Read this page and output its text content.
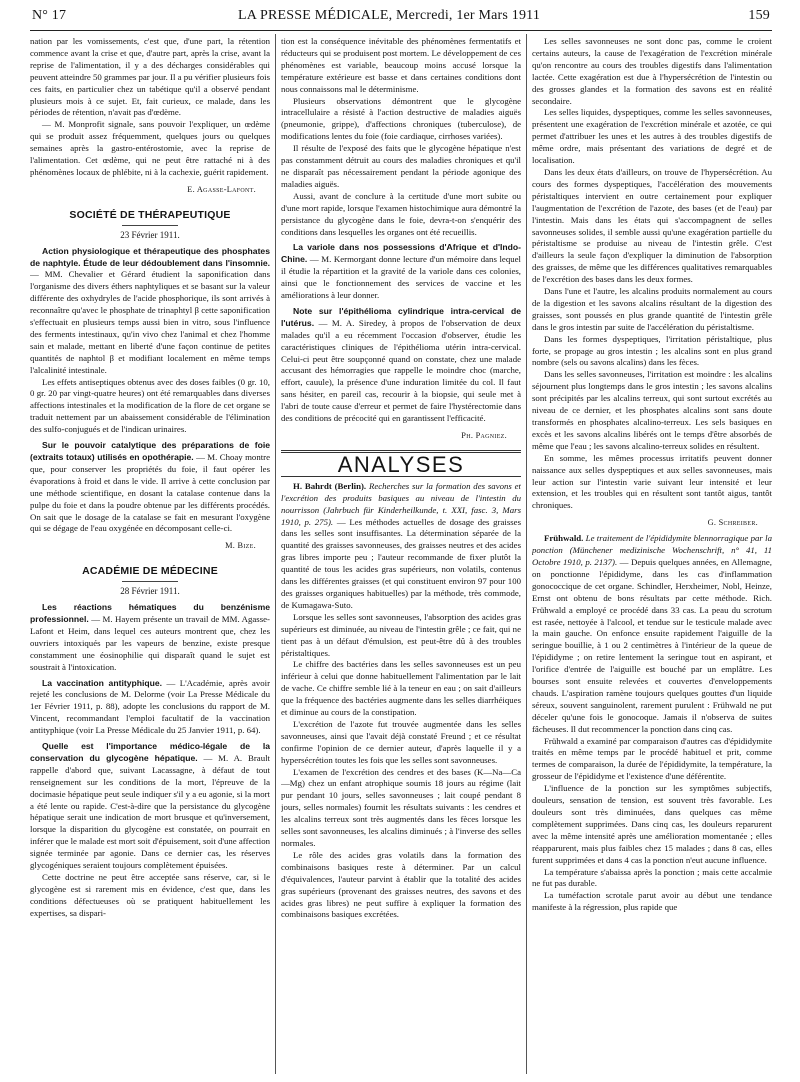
N° 17	LA PRESSE MÉDICALE, Mercredi, 1er Mars 1911	159

nation par les vomissements, c'est que, d'une part, la rétention commence avant la crise et que, d'autre part, après la crise, avant la reprise de l'alimentation, il y a des décharges considérables qui peuvent atteindre 50 grammes par jour. Il a pu vérifier plusieurs fois ces faits, en particulier chez un tabétique qu'il a observé pendant plusieurs mois à ce sujet. Et, fait curieux, ce malade, dans les périodes de rétention, n'avait pas d'œdème.

— M. Monprofit signale, sans pouvoir l'expliquer, un œdème qui se produit assez fréquemment, quelques jours ou quelques semaines après la gastro-entérostomie, avec la reprise de l'alimentation. Cet œdème, qui ne peut être rattaché ni à des phénomènes locaux de phlébite, ni à la cachexie, guérit rapidement.

E. Agasse-Lafont.

SOCIÉTÉ DE THÉRAPEUTIQUE

23 Février 1911.

Action physiologique et thérapeutique des phosphates de naphtyle. Étude de leur dédoublement dans l'insomnie. — MM. Chevalier et Gérard étudient la saponification dans l'organisme des divers éthers naphtyliques et se basant sur la valeur différente des oxhydryles de l'acide phosphorique, ils sont arrivés à reconnaître qu'avec le phosphate de trinaphtyl β cette saponification s'effectuait en plusieurs temps aussi bien in vitro, sous l'influence des ferments intestinaux, qu'in vivo chez l'animal et chez l'homme sain et malade, mettant en liberté d'une façon continue de petites quantités de naphtol β et modifiant localement en même temps l'alcalinité intestinale.

Les effets antiseptiques obtenus avec des doses faibles (0 gr. 10, 0 gr. 20 par vingt-quatre heures) ont été remarquables dans diverses affections intestinales et la modification de la flore de cet organe se traduit nettement par un abaissement considérable de l'élimination des sulfo-conjugués et de l'indican urinaires.

Sur le pouvoir catalytique des préparations de foie (extraits totaux) utilisés en opothérapie. — M. Choay montre que, pour conserver les propriétés du foie, il faut opérer les évaporations à froid et dans le vide. Il arrive à cette conclusion par une méthode scientifique, en dosant la catalase contenue dans la pulpe du foie et dans la poudre obtenue par les différents procédés. On sait que le dosage de la catalase se fait en mesurant l'oxygène qui se dégage de l'eau oxygénée en décomposant celle-ci.

M. Bize.

ACADÉMIE DE MÉDECINE

28 Février 1911.

Les réactions hématiques du benzénisme professionnel. — M. Hayem présente un travail de MM. Agasse-Lafont et Heim, dans lequel ces auteurs montrent que, chez les ouvriers intoxiqués par les vapeurs de benzine, existe presque constamment une éosinophilie qui disparaît quand le sujet est soustrait à l'intoxication.

La vaccination antityphique. — L'Académie, après avoir rejeté les conclusions de M. Delorme (voir La Presse Médicale du 1er Février 1911, p. 88), adopte les conclusions du rapport de M. Vincent, recommandant l'emploi facultatif de la vaccination antityphique (voir La Presse Médicale du 25 Janvier 1911, p. 64).

Quelle est l'importance médico-légale de la conservation du glycogène hépatique. — M. A. Brault rappelle d'abord que, suivant Lacassagne, à défaut de tout renseignement sur les conditions de la mort, l'épreuve de la docimasie hépatique peut seule indiquer s'il y a eu agonie, si la mort a été lente ou rapide. C'est-à-dire que la persistance du glycogène hépatique serait une indication de mort brusque et qu'inversement, lorsque la disparition du glycogène est constatée, on pourrait en inférer que le malade est mort soit d'épuisement, soit d'une affection signée terminée par agonie. Dans ce dernier cas, les réserves glycogéniques seraient toujours complètement épuisées.

Cette doctrine ne peut être acceptée sans réserve, car, si le glycogène est si rarement mis en évidence, c'est que, dans les conditions défectueuses où se pratiquent habituellement les expertises, sa dispari-

tion est la conséquence inévitable des phénomènes fermentatifs et réducteurs qui se produisent post mortem. Le développement de ces phénomènes est variable, beaucoup moins accusé lorsque la température extérieure est basse et dans certaines conditions dont nous connaissons mal le déterminisme.

Plusieurs observations démontrent que le glycogène intracellulaire a résisté à l'action destructive de maladies aiguës (pneumonie, grippe), d'affections chroniques (tuberculose), de modifications lentes du foie (foie cardiaque, cirrhoses variées).

Il résulte de l'exposé des faits que le glycogène hépatique n'est pas constamment détruit au cours des maladies chroniques et qu'il ne disparaît pas nécessairement pendant la période agonique des maladies aiguës.

Aussi, avant de conclure à la certitude d'une mort subite ou d'une mort rapide, lorsque l'examen histochimique aura démontré la persistance du glycogène dans le foie, devra-t-on s'enquérir des conditions dans lesquelles les organes ont été recueillis.

La variole dans nos possessions d'Afrique et d'Indo-Chine. — M. Kermorgant donne lecture d'un mémoire dans lequel il étudie la répartition et la gravité de la variole dans ces colonies, ainsi que le fonctionnement des services de vaccine et les améliorations à leur donner.

Note sur l'épithélioma cylindrique intra-cervical de l'utérus. — M. A. Siredey, à propos de l'observation de deux malades qu'il a eu récemment l'occasion d'observer, étudie les caractéristiques cliniques de l'épithélioma utérin intra-cervical. Celui-ci peut être soupçonné quand on constate, chez une malade accusant des hémorragies que rappelle le moindre choc (marche, effort, cauule), la présence d'une induration limitée du col. Il faut sans hésiter, en pareil cas, recourir à la biopsie, qui seule met à l'abri de toute cause d'erreur et permet de faire l'hystérectomie dans des conditions de précocité qui en garantissent l'efficacité.

Ph. Pagniez.

ANALYSES

H. Bahrdt (Berlin). Recherches sur la formation des savons et l'excrétion des produits basiques au niveau de l'intestin du nourrisson (Jahrbuch für Kinderheilkunde, t. XXI, fasc. 3, Mars 1910, p. 275). — Les méthodes actuelles de dosage des graisses dans les selles sont insuffisantes. La détermination séparée de la quantité des graisses savonneuses, des graisses neutres et des acides gras libres importe peu ; l'auteur recommande de fixer plutôt la quantité de tous les acides gras supérieurs, non volatils, contenus dans les différentes graisses (et qui constituent environ 97 pour 100 des graisses organiques habituelles) par la méthode, très commode, de Kumagawa-Suto.

Lorsque les selles sont savonneuses, l'absorption des acides gras supérieurs est diminuée, au niveau de l'intestin grêle ; ce fait, qui ne tient pas à un défaut d'émulsion, est peut-être dû à des troubles péristaltiques.

Le chiffre des bactéries dans les selles savonneuses est un peu inférieur à celui que donne habituellement l'alimentation par le lait de vache. Ce chiffre semble lié à la teneur en eau ; on sait d'ailleurs que la fréquence des bactéries augmente dans les selles diarrhéiques et diminue au cours de la constipation.

L'excrétion de l'azote fut trouvée augmentée dans les selles savonneuses, ainsi que l'avait déjà constaté Freund ; et ce résultat confirme l'opinion de ce dernier auteur, d'après laquelle il y a hypersécrétion toutes les fois que les selles sont savonneuses.

L'examen de l'excrétion des cendres et des bases (K—Na—Ca—Mg) chez un enfant atrophique soumis 18 jours au régime (lait pur pendant 10 jours, selles savonneuses ; lait coupé pendant 8 jours, selles normales) fournit les résultats suivants : les cendres et les alcalins terreux sont très augmentés dans les fèces lorsque les selles sont savonneuses, les alcalins diminués ; à l'inverse des selles normales.

Le rôle des acides gras volatils dans la formation des combinaisons basiques reste à déterminer. Par un calcul d'équivalences, l'auteur parvint à établir que la totalité des acides gras supérieurs (provenant des graisses neutres, des savons et des acides gras libres) ne peut suffire à expliquer la formation des combinaisons basiques excrétées.

Les selles savonneuses ne sont donc pas, comme le croient certains auteurs, la cause de l'exagération de l'excrétion minérale qu'on rencontre au cours des troubles digestifs dans l'alimentation lactée. Cette exagération est due à l'hypersécrétion de l'intestin ou des grosses glandes et la formation des savons est en réalité secondaire.

Les selles liquides, dyspeptiques, comme les selles savonneuses, présentent une exagération de l'excrétion minérale et azotée, ce qui permet d'attribuer les unes et les autres à des troubles digestifs de même ordre, mais présentant des variations de degré et de localisation.

Dans les deux états d'ailleurs, on trouve de l'hypersécrétion. Au cours des formes dyspeptiques, l'accélération des mouvements péristaltiques intervient en outre certainement pour expliquer l'augmentation de l'excrétion de l'azote, des bases (et de l'eau) par l'intestin. Mais dans les états qui s'accompagnent de selles savonneuses solides, il semble aussi qu'une exagération partielle du péristaltisme se produise au niveau de l'intestin grêle. C'est d'ailleurs la seule façon d'expliquer la diminution de l'absorption des graisses, de même que les différences qualitatives remarquables de l'excrétion des bases dans les deux formes.

Dans l'une et l'autre, les alcalins produits normalement au cours de la digestion et les savons alcalins résultant de la digestion des graisses, sont poussés en plus grande quantité de l'intestin grêle dans le gros intestin par suite de l'accélération du péristaltisme.

Dans les formes dyspeptiques, l'irritation péristaltique, plus forte, se propage au gros intestin ; les alcalins sont en plus grand nombre (sels ou savons alcalins) dans les fèces.

Dans les selles savonneuses, l'irritation est moindre : les alcalins séjournent plus longtemps dans le gros intestin ; les savons alcalins sont précipités par les alcalins terreux, qui sont surtout excrétés au niveau de ce dernier, et les phosphates alcalins sont sans doute transformés en phosphates alcalino-terreux. Les sels basiques en excès et les savons alcalins libérés ont le temps d'être absorbés de même que l'eau ; les savons alcalino-terreux solides en résultent.

En somme, les mêmes processus irritatifs peuvent donner naissance aux selles dyspeptiques et aux selles savonneuses, mais leur action sur l'intestin varie suivant leur intensité et leur extension, et les troubles qui en résultent sont tantôt aigus, tantôt chroniques.

G. Schreiber.

Frühwald. Le traitement de l'épididymite blennorragique par la ponction (Münchener medizinische Wochenschrift, n° 41, 11 Octobre 1910, p. 2137). — Depuis quelques années, en Allemagne, on ponctionne l'épididyme, dans les cas d'inflammation gonococcique de cet organe. Schindler, Herxheimer, Nobl, Heinze, Ernst ont obtenu de bons résultats par cette méthode. Rich. Frühwald a employé ce procédé dans 33 cas. La peau du scrotum est rasée, nettoyée à l'alcool, et tendue sur le testicule malade avec la main gauche. On enfonce ensuite rapidement l'aiguille de la seringue bouillie, à 1 ou 2 centimètres à l'intérieur de la queue de l'épididyme ; on retire lentement la seringue tout en aspirant, et l'orifice d'entrée de l'aiguille est bouché par un emplâtre. Les bourses sont ensuite relevées et couvertes d'enveloppements chauds. L'aspiration ramène toujours quelques gouttes d'un liquide séreux, souvent sanguinolent, rarement purulent : Frühwald ne put déceler qu'une fois le gonocoque. Jamais il n'observa de suites fâcheuses. Il dut recommencer la ponction dans cinq cas.

Frühwald a examiné par comparaison d'autres cas d'épididymite traités en même temps par le procédé habituel et prit, comme termes de comparaison, la durée de l'épididymite, la température, la grosseur de l'épididyme et l'existence d'une déférentite.

L'influence de la ponction sur les symptômes subjectifs, douleurs, sensation de tension, est souvent très favorable. Les douleurs sont très diminuées, dans quelques cas même complètement supprimées. Dans cinq cas, les douleurs reparurent avec la même intensité après une amélioration momentanée ; elles réapparurent, mais plus faibles chez 15 malades ; dans 8 cas, elles furent supprimées et dans 4 cas la ponction n'eut aucune influence.

La température s'abaissa après la ponction ; mais cette accalmie ne fut pas durable.

La tuméfaction scrotale parut avoir au début une tendance manifeste à la régression, plus rapide que
